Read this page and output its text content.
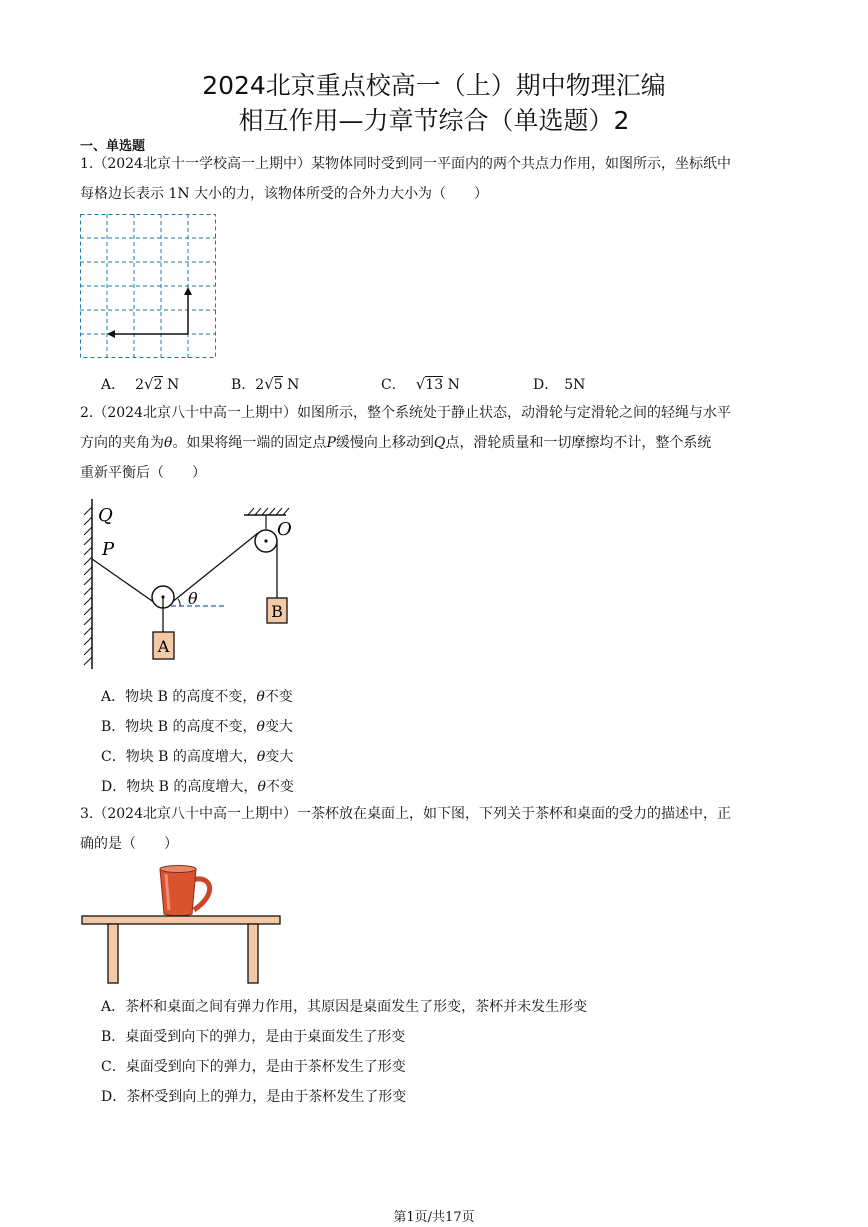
2024北京重点校高一（上）期中物理汇编
相互作用—力章节综合（单选题）2
一、单选题
1.（2024北京十一学校高一上期中）某物体同时受到同一平面内的两个共点力作用，如图所示，坐标纸中
每格边长表示 1N 大小的力，该物体所受的合外力大小为（　　）
A． 2√2 N	B．2√5 N	C． √13 N	D． 5N
2.（2024北京八十中高一上期中）如图所示，整个系统处于静止状态，动滑轮与定滑轮之间的轻绳与水平
方向的夹角为θ。如果将绳一端的固定点P缓慢向上移动到Q点，滑轮质量和一切摩擦均不计，整个系统
重新平衡后（　　）
Q
P
O
θ
A
B
A．物块 B 的高度不变，θ不变
B．物块 B 的高度不变，θ变大
C．物块 B 的高度增大，θ变大
D．物块 B 的高度增大，θ不变
3.（2024北京八十中高一上期中）一茶杯放在桌面上，如下图，下列关于茶杯和桌面的受力的描述中，正
确的是（　　）
A．茶杯和桌面之间有弹力作用，其原因是桌面发生了形变，茶杯并未发生形变
B．桌面受到向下的弹力，是由于桌面发生了形变
C．桌面受到向下的弹力，是由于茶杯发生了形变
D．茶杯受到向上的弹力，是由于茶杯发生了形变
第1页/共17页
